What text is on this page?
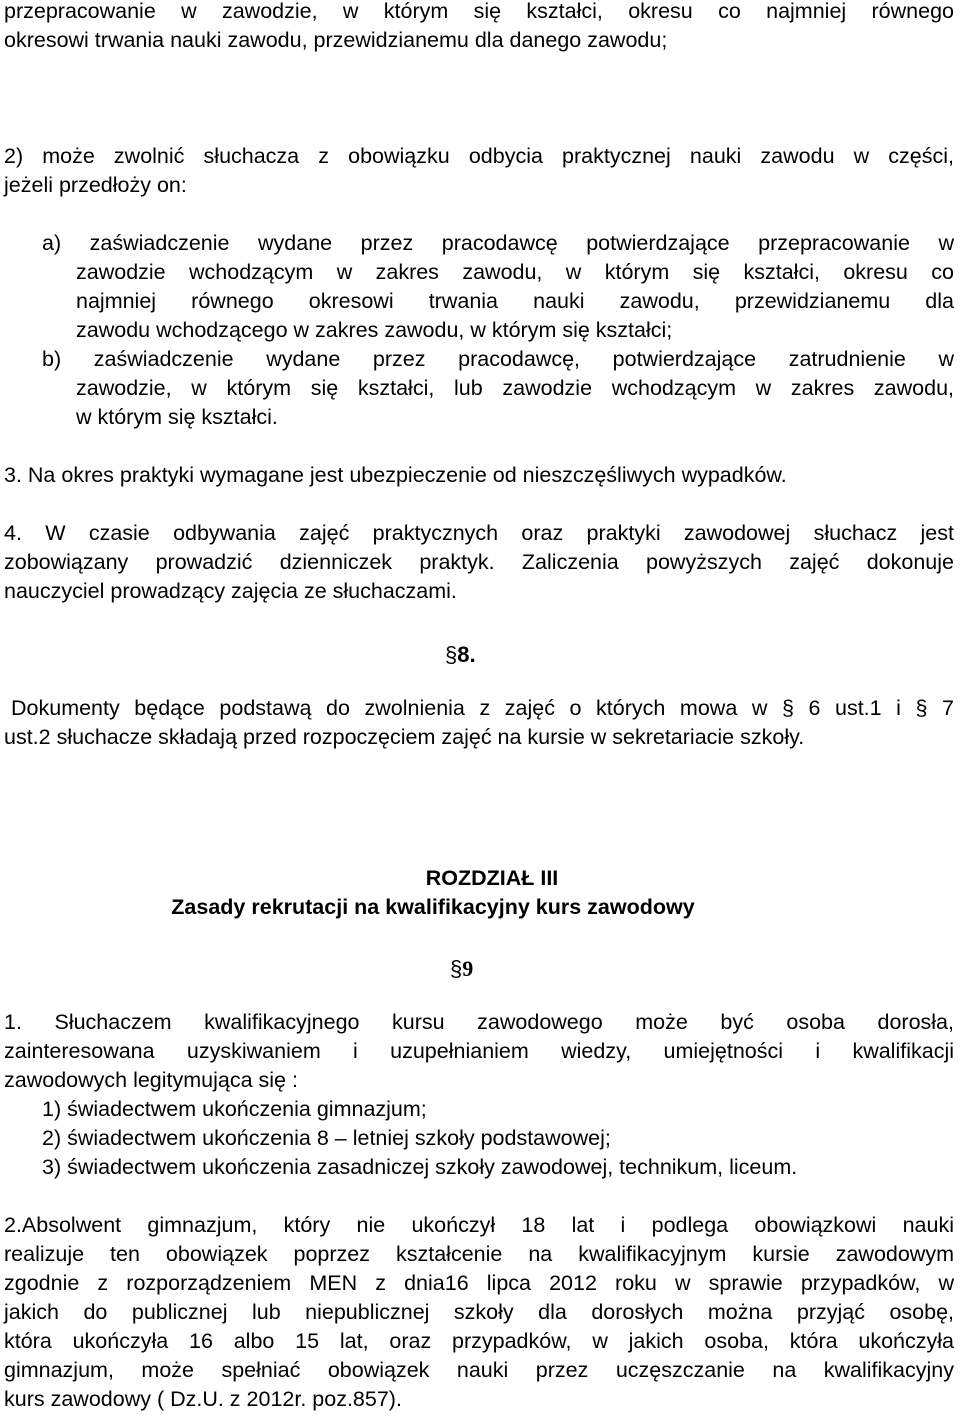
przepracowanie w zawodzie, w którym się kształci, okresu co najmniej równego
okresowi trwania nauki zawodu, przewidzianemu dla danego zawodu;
2) może zwolnić słuchacza z obowiązku odbycia praktycznej nauki zawodu w części,
jeżeli przedłoży on:
a) zaświadczenie wydane przez pracodawcę potwierdzające przepracowanie w
zawodzie wchodzącym w zakres zawodu, w którym się kształci, okresu co
najmniej równego okresowi trwania nauki zawodu, przewidzianemu dla
zawodu wchodzącego w zakres zawodu, w którym się kształci;
b) zaświadczenie wydane przez pracodawcę, potwierdzające zatrudnienie w
zawodzie, w którym się kształci, lub zawodzie wchodzącym w zakres zawodu,
w którym się kształci.
3. Na okres praktyki wymagane jest ubezpieczenie od nieszczęśliwych wypadków.
4. W czasie odbywania zajęć praktycznych oraz praktyki zawodowej słuchacz jest
zobowiązany prowadzić dzienniczek praktyk. Zaliczenia powyższych zajęć dokonuje
nauczyciel prowadzący zajęcia ze słuchaczami.
§8.
Dokumenty będące podstawą do zwolnienia z zajęć o których mowa w § 6 ust.1 i § 7
ust.2 słuchacze składają przed rozpoczęciem zajęć na kursie w sekretariacie szkoły.
ROZDZIAŁ III
Zasady rekrutacji na kwalifikacyjny kurs zawodowy
§9
1. Słuchaczem kwalifikacyjnego kursu zawodowego może być osoba dorosła,
zainteresowana uzyskiwaniem i uzupełnianiem wiedzy, umiejętności i kwalifikacji
zawodowych legitymująca się :
1) świadectwem ukończenia gimnazjum;
2) świadectwem ukończenia 8 – letniej szkoły podstawowej;
3) świadectwem ukończenia zasadniczej szkoły zawodowej, technikum, liceum.
2.Absolwent gimnazjum, który nie ukończył 18 lat i podlega obowiązkowi nauki
realizuje ten obowiązek poprzez kształcenie na kwalifikacyjnym kursie zawodowym
zgodnie z rozporządzeniem MEN z dnia16 lipca 2012 roku w sprawie przypadków, w
jakich do publicznej lub niepublicznej szkoły dla dorosłych można przyjąć osobę,
która ukończyła 16 albo 15 lat, oraz przypadków, w jakich osoba, która ukończyła
gimnazjum, może spełniać obowiązek nauki przez uczęszczanie na kwalifikacyjny
kurs zawodowy ( Dz.U. z 2012r. poz.857).
